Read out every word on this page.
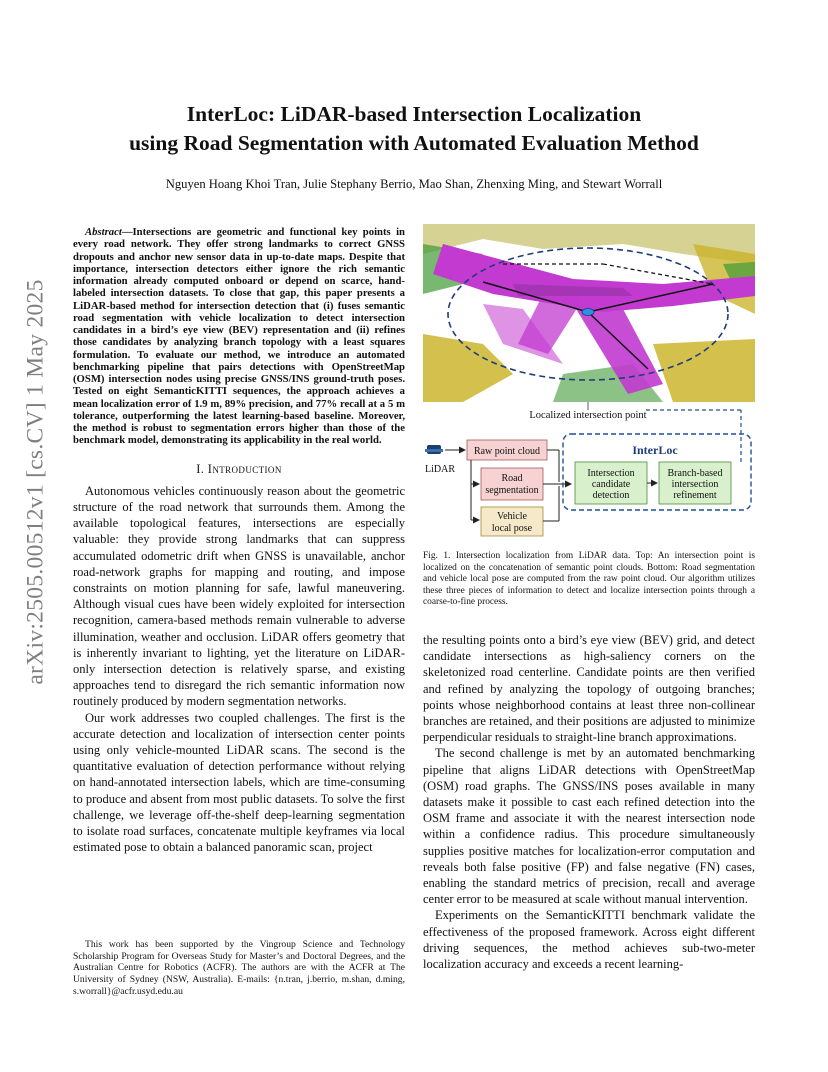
InterLoc: LiDAR-based Intersection Localization
using Road Segmentation with Automated Evaluation Method
Nguyen Hoang Khoi Tran, Julie Stephany Berrio, Mao Shan, Zhenxing Ming, and Stewart Worrall
arXiv:2505.00512v1 [cs.CV] 1 May 2025

Abstract—Intersections are geometric and functional key points in every road network. They offer strong landmarks to correct GNSS dropouts and anchor new sensor data in up-to-date maps. Despite that importance, intersection detectors either ignore the rich semantic information already computed onboard or depend on scarce, hand-labeled intersection datasets. To close that gap, this paper presents a LiDAR-based method for intersection detection that (i) fuses semantic road segmentation with vehicle localization to detect intersection candidates in a bird’s eye view (BEV) representation and (ii) refines those candidates by analyzing branch topology with a least squares formulation. To evaluate our method, we introduce an automated benchmarking pipeline that pairs detections with OpenStreetMap (OSM) intersection nodes using precise GNSS/INS ground-truth poses. Tested on eight SemanticKITTI sequences, the approach achieves a mean localization error of 1.9 m, 89% precision, and 77% recall at a 5 m tolerance, outperforming the latest learning-based baseline. Moreover, the method is robust to segmentation errors higher than those of the benchmark model, demonstrating its applicability in the real world.

I. Introduction

Autonomous vehicles continuously reason about the geometric structure of the road network that surrounds them. Among the available topological features, intersections are especially valuable: they provide strong landmarks that can suppress accumulated odometric drift when GNSS is unavailable, anchor road-network graphs for mapping and routing, and impose constraints on motion planning for safe, lawful maneuvering. Although visual cues have been widely exploited for intersection recognition, camera-based methods remain vulnerable to adverse illumination, weather and occlusion. LiDAR offers geometry that is inherently invariant to lighting, yet the literature on LiDAR-only intersection detection is relatively sparse, and existing approaches tend to disregard the rich semantic information now routinely produced by modern segmentation networks.

Our work addresses two coupled challenges. The first is the accurate detection and localization of intersection center points using only vehicle-mounted LiDAR scans. The second is the quantitative evaluation of detection performance without relying on hand-annotated intersection labels, which are time-consuming to produce and absent from most public datasets. To solve the first challenge, we leverage off-the-shelf deep-learning segmentation to isolate road surfaces, concatenate multiple keyframes via local estimated pose to obtain a balanced panoramic scan, project

This work has been supported by the Vingroup Science and Technology Scholarship Program for Overseas Study for Master’s and Doctoral Degrees, and the Australian Centre for Robotics (ACFR). The authors are with the ACFR at The University of Sydney (NSW, Australia). E-mails: {n.tran, j.berrio, m.shan, d.ming, s.worrall}@acfr.usyd.edu.au
Localized intersection point
LiDAR
Raw point cloud
Road
segmentation
Vehicle
local pose
InterLoc
Intersection
candidate
detection
Branch-based
intersection
refinement
Fig. 1. Intersection localization from LiDAR data. Top: An intersection point is localized on the concatenation of semantic point clouds. Bottom: Road segmentation and vehicle local pose are computed from the raw point cloud. Our algorithm utilizes these three pieces of information to detect and localize intersection points through a coarse-to-fine process.

the resulting points onto a bird’s eye view (BEV) grid, and detect candidate intersections as high-saliency corners on the skeletonized road centerline. Candidate points are then verified and refined by analyzing the topology of outgoing branches; points whose neighborhood contains at least three non-collinear branches are retained, and their positions are adjusted to minimize perpendicular residuals to straight-line branch approximations.

The second challenge is met by an automated benchmarking pipeline that aligns LiDAR detections with OpenStreetMap (OSM) road graphs. The GNSS/INS poses available in many datasets make it possible to cast each refined detection into the OSM frame and associate it with the nearest intersection node within a confidence radius. This procedure simultaneously supplies positive matches for localization-error computation and reveals both false positive (FP) and false negative (FN) cases, enabling the standard metrics of precision, recall and average center error to be measured at scale without manual intervention.

Experiments on the SemanticKITTI benchmark validate the effectiveness of the proposed framework. Across eight different driving sequences, the method achieves sub-two-meter localization accuracy and exceeds a recent learning-
